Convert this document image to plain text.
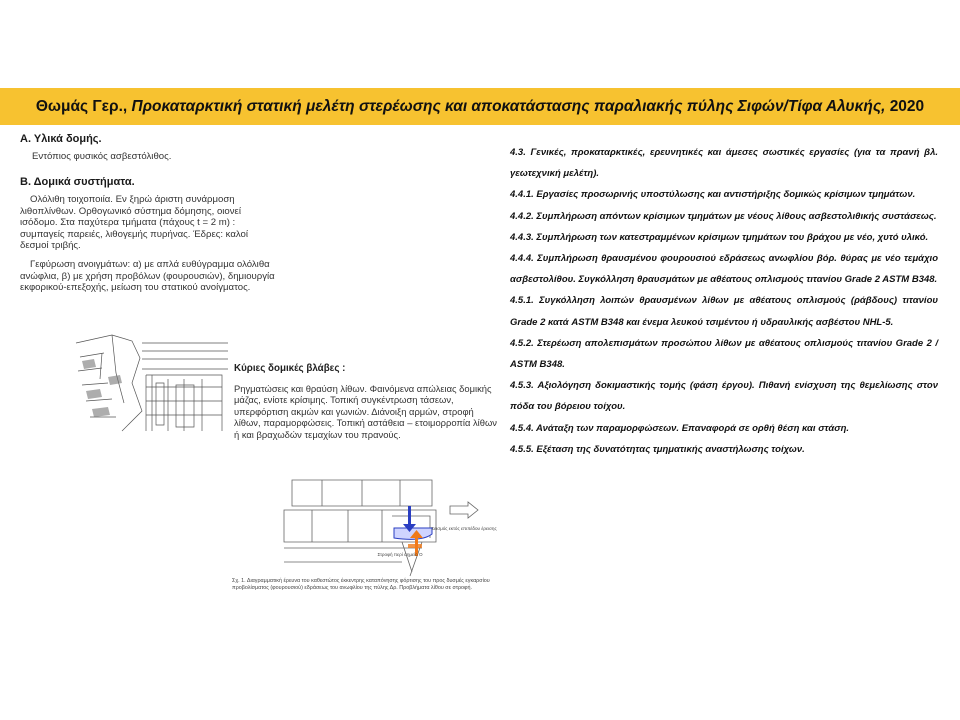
Θωμάς Γερ., Προκαταρκτική στατική μελέτη στερέωσης και αποκατάστασης παραλιακής πύλης Σιφών/Τίφα Αλυκής, 2020
Α. Υλικά δομής.
Εντόπιος φυσικός ασβεστόλιθος.
Β. Δομικά συστήματα.
Ολόλιθη τοιχοποιία. Εν ξηρώ άριστη συνάρμοση λιθοπλίνθων. Ορθογωνικό σύστημα δόμησης, οιονεί ισόδομο. Στα παχύτερα τμήματα (πάχους t = 2 m) : συμπαγείς παρειές, λιθογεμής πυρήνας. Έδρες: καλοί δεσμοί τριβής.
Γεφύρωση ανοιγμάτων: α) με απλά ευθύγραμμα ολόλιθα ανώφλια, β) με χρήση προβόλων (φουρουσιών), δημιουργία εκφορικού-επεξοχής, μείωση του στατικού ανοίγματος.
Κύριες δομικές βλάβες :
Ρηγματώσεις και θραύση λίθων. Φαινόμενα απώλειας δομικής μάζας, ενίοτε κρίσιμης. Τοπική συγκέντρωση τάσεων, υπερφόρτιση ακμών και γωνιών. Διάνοιξη αρμών, στροφή λίθων, παραμορφώσεις. Τοπική αστάθεια – ετοιμορροπία λίθων ή και βραχωδών τεμαχίων του πρανούς.
Σεισμός εκτός επιπέδου έρεισης
Στροφή περί σημείο Ο
Σχ. 1. Διαγραμματική έρευνα του καθεστώτος έκκεντρης καταπόνησης φόρτισης του προς δυσμές εγκαρσίου προβολίσματος (φουρουσιού) εδράσεως του ανωφλίου της πύλης Δρ. Προβλήματα λίθου σε στροφή.

4.3. Γενικές, προκαταρκτικές, ερευνητικές και άμεσες σωστικές εργασίες (για τα πρανή βλ. γεωτεχνική μελέτη).

4.4.1. Εργασίες προσωρινής υποστύλωσης και αντιστήριξης δομικώς κρίσιμων τμημάτων.

4.4.2. Συμπλήρωση απόντων κρίσιμων τμημάτων με νέους λίθους ασβεστολιθικής συστάσεως.

4.4.3. Συμπλήρωση των κατεστραμμένων κρίσιμων τμημάτων του βράχου με νέο, χυτό υλικό.

4.4.4. Συμπλήρωση θραυσμένου φουρουσιού εδράσεως ανωφλίου βόρ. θύρας με νέο τεμάχιο ασβεστολίθου. Συγκόλληση θραυσμάτων με αθέατους οπλισμούς τιτανίου Grade 2 ASTM B348.

4.5.1. Συγκόλληση λοιπών θραυσμένων λίθων με αθέατους οπλισμούς (ράβδους) τιτανίου Grade 2 κατά ASTM B348 και ένεμα λευκού τσιμέντου ή υδραυλικής ασβέστου NHL-5.

4.5.2. Στερέωση απολεπισμάτων προσώπου λίθων με αθέατους οπλισμούς τιτανίου Grade 2 / ASTM B348.

4.5.3. Αξιολόγηση δοκιμαστικής τομής (φάση έργου). Πιθανή ενίσχυση της θεμελίωσης στον πόδα του βόρειου τοίχου.

4.5.4. Ανάταξη των παραμορφώσεων. Επαναφορά σε ορθή θέση και στάση.

4.5.5. Εξέταση της δυνατότητας τμηματικής αναστήλωσης τοίχων.
